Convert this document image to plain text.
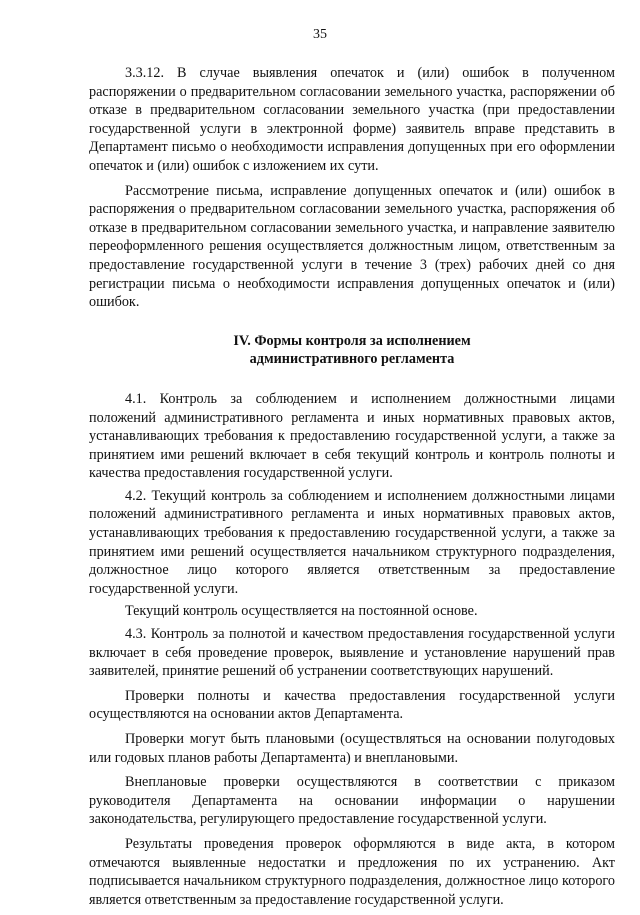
35

3.3.12. В случае выявления опечаток и (или) ошибок в полученном распоряжении о предварительном согласовании земельного участка, распоряжении об отказе в предварительном согласовании земельного участка (при предоставлении государственной услуги в электронной форме) заявитель вправе представить в Департамент письмо о необходимости исправления допущенных при его оформлении опечаток и (или) ошибок с изложением их сути.

Рассмотрение письма, исправление допущенных опечаток и (или) ошибок в распоряжения о предварительном согласовании земельного участка, распоряжения об отказе в предварительном согласовании земельного участка, и направление заявителю переоформленного решения осуществляется должностным лицом, ответственным за предоставление государственной услуги в течение 3 (трех) рабочих дней со дня регистрации письма о необходимости исправления допущенных опечаток и (или) ошибок.

IV. Формы контроля за исполнением
административного регламента

4.1. Контроль за соблюдением и исполнением должностными лицами положений административного регламента и иных нормативных правовых актов, устанавливающих требования к предоставлению государственной услуги, а также за принятием ими решений включает в себя текущий контроль и контроль полноты и качества предоставления государственной услуги.

4.2. Текущий контроль за соблюдением и исполнением должностными лицами положений административного регламента и иных нормативных правовых актов, устанавливающих требования к предоставлению государственной услуги, а также за принятием ими решений осуществляется начальником структурного подразделения, должностное лицо которого является ответственным за предоставление государственной услуги.

Текущий контроль осуществляется на постоянной основе.

4.3. Контроль за полнотой и качеством предоставления государственной услуги включает в себя проведение проверок, выявление и установление нарушений прав заявителей, принятие решений об устранении соответствующих нарушений.

Проверки полноты и качества предоставления государственной услуги осуществляются на основании актов Департамента.

Проверки могут быть плановыми (осуществляться на основании полугодовых или годовых планов работы Департамента) и внеплановыми.

Внеплановые проверки осуществляются в соответствии с приказом руководителя Департамента на основании информации о нарушении законодательства, регулирующего предоставление государственной услуги.

Результаты проведения проверок оформляются в виде акта, в котором отмечаются выявленные недостатки и предложения по их устранению. Акт подписывается начальником структурного подразделения, должностное лицо которого является ответственным за предоставление государственной услуги.
